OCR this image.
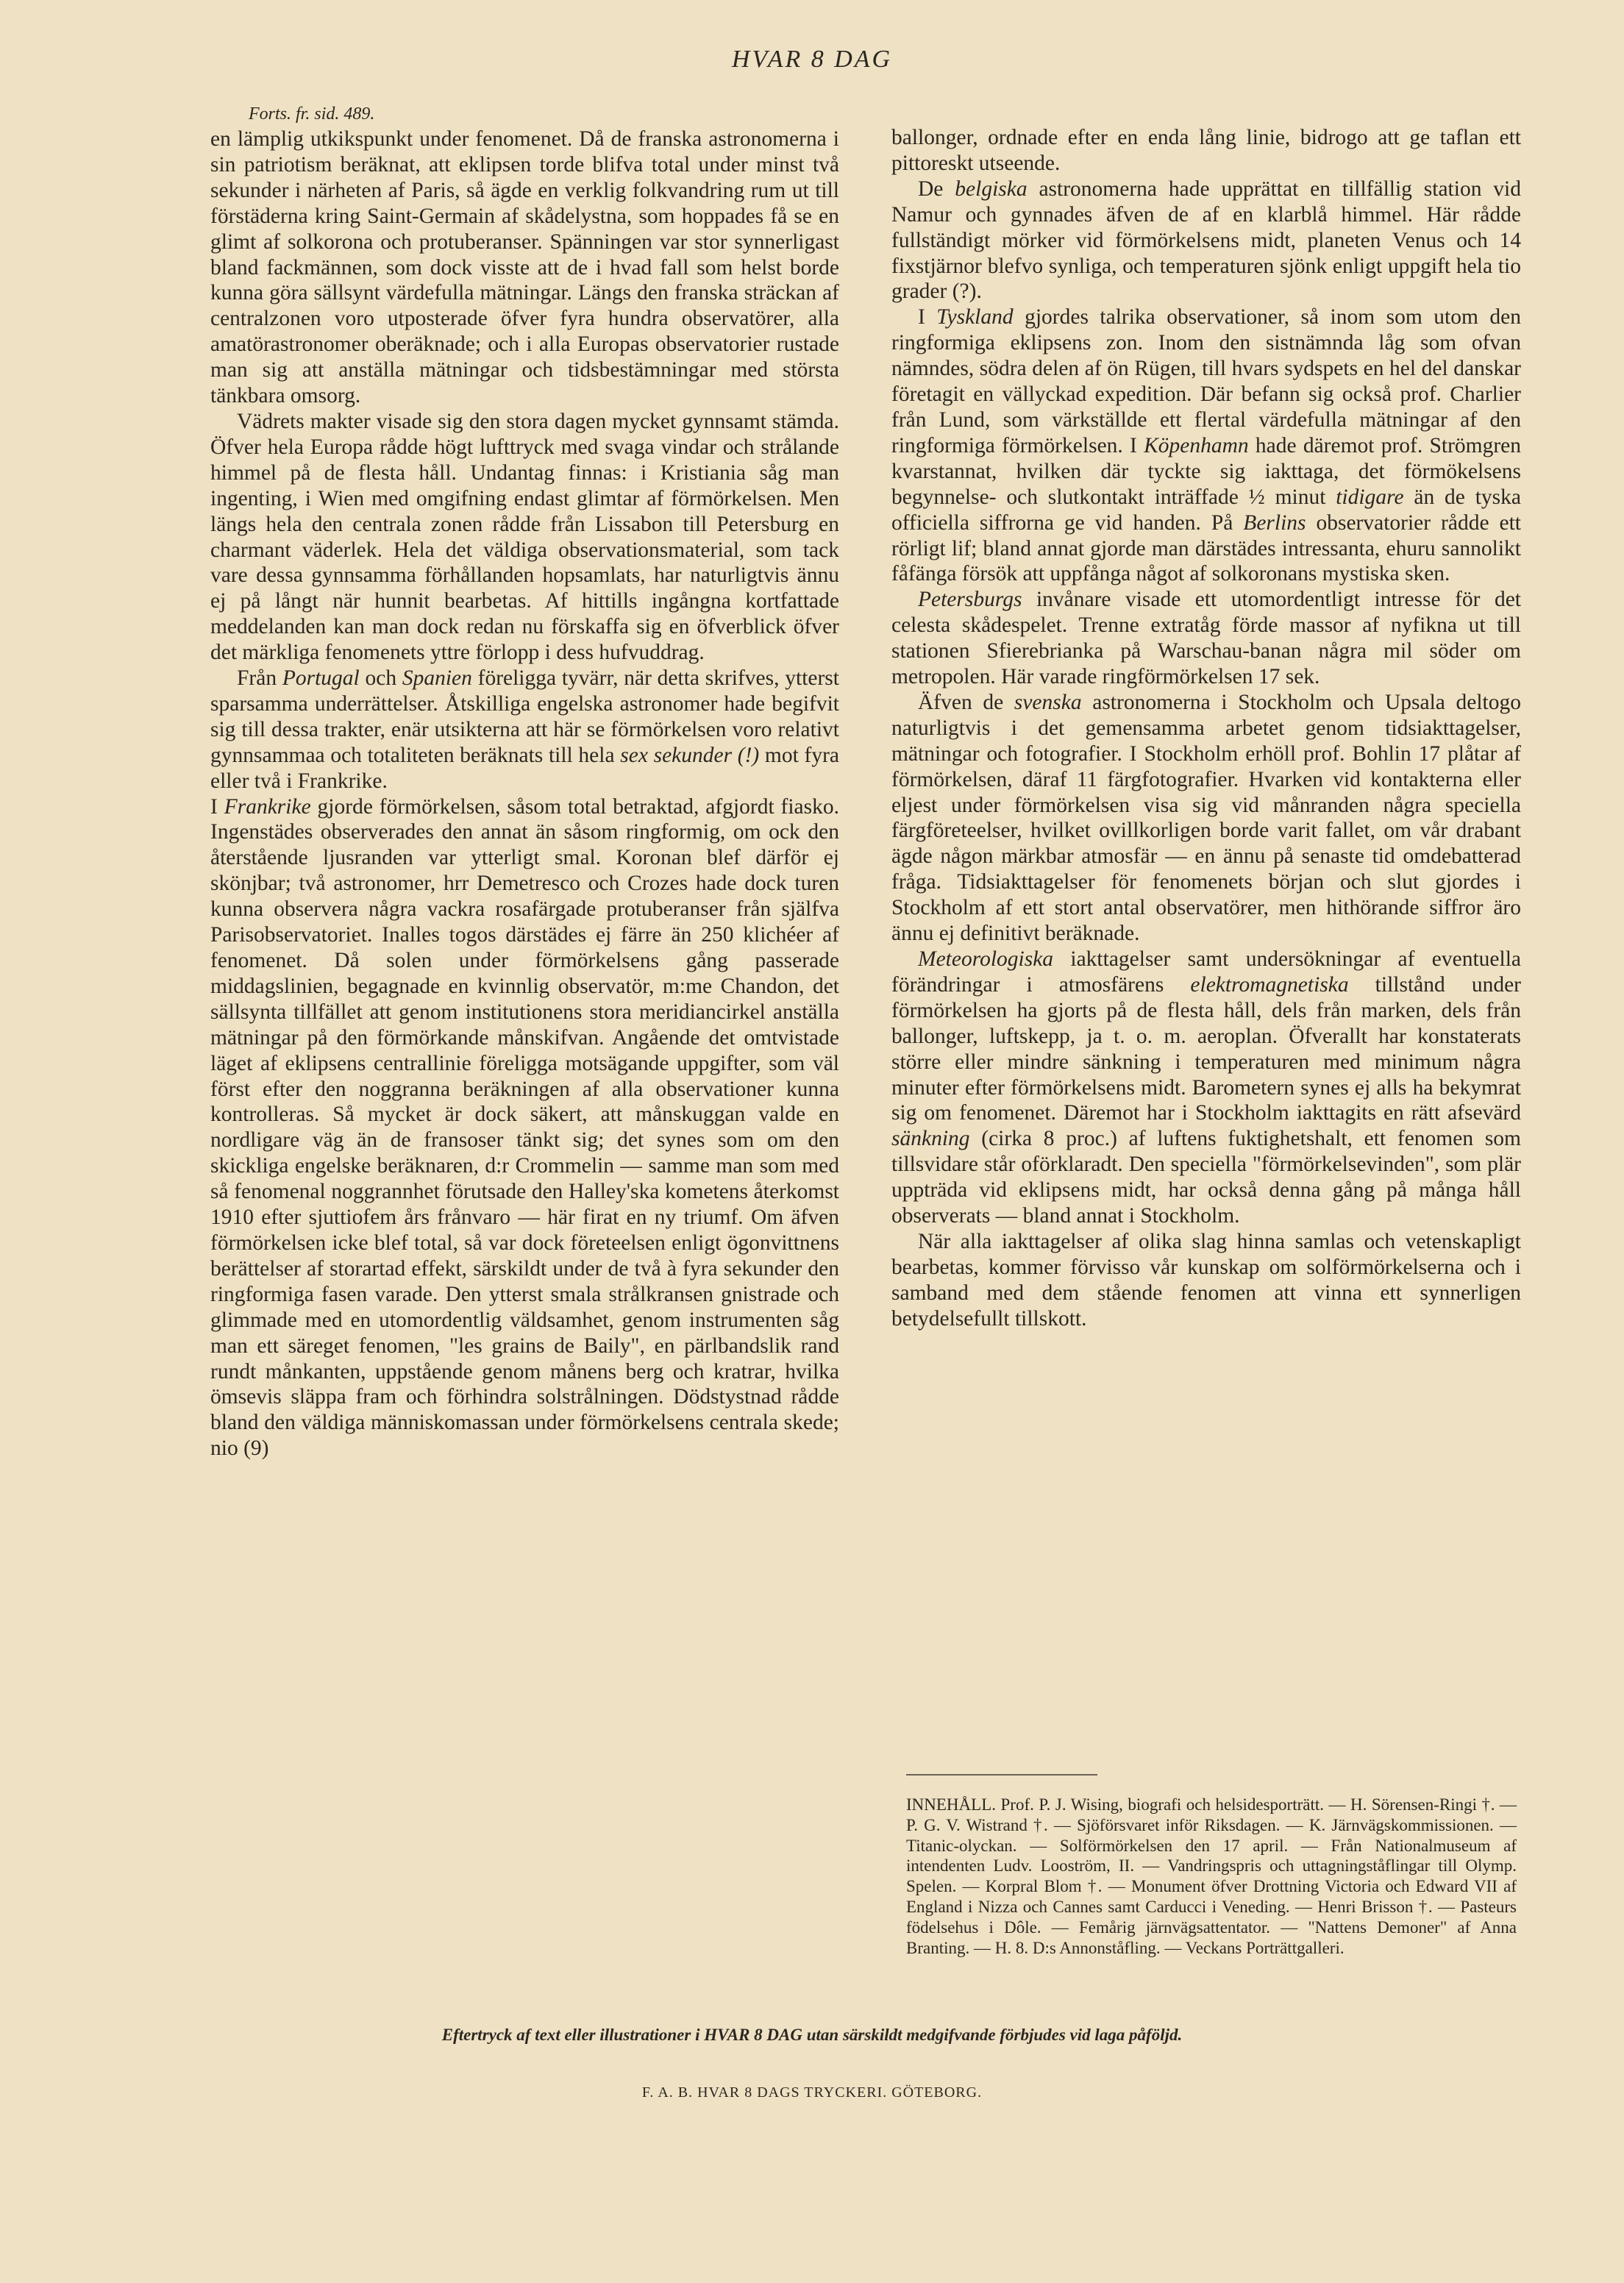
HVAR 8 DAG
Forts. fr. sid. 489.

en lämplig utkikspunkt under fenomenet. Då de franska astronomerna i sin patriotism beräknat, att eklipsen torde blifva total under minst två sekunder i närheten af Paris, så ägde en verklig folkvandring rum ut till förstäderna kring Saint-Germain af skådelystna, som hoppades få se en glimt af solkorona och protuberanser. Spänningen var stor synnerligast bland fackmännen, som dock visste att de i hvad fall som helst borde kunna göra sällsynt värdefulla mätningar. Längs den franska sträckan af centralzonen voro utposterade öfver fyra hundra observatörer, alla amatörastronomer oberäknade; och i alla Europas observatorier rustade man sig att anställa mätningar och tidsbestämningar med största tänkbara omsorg.

Vädrets makter visade sig den stora dagen mycket gynnsamt stämda. Öfver hela Europa rådde högt lufttryck med svaga vindar och strålande himmel på de flesta håll. Undantag finnas: i Kristiania såg man ingenting, i Wien med omgifning endast glimtar af förmörkelsen. Men längs hela den centrala zonen rådde från Lissabon till Petersburg en charmant väderlek. Hela det väldiga observationsmaterial, som tack vare dessa gynnsamma förhållanden hopsamlats, har naturligtvis ännu ej på långt när hunnit bearbetas. Af hittills ingångna kortfattade meddelanden kan man dock redan nu förskaffa sig en öfverblick öfver det märkliga fenomenets yttre förlopp i dess hufvuddrag.

Från Portugal och Spanien föreligga tyvärr, när detta skrifves, ytterst sparsamma underrättelser. Åtskilliga engelska astronomer hade begifvit sig till dessa trakter, enär utsikterna att här se förmörkelsen voro relativt gynnsammaa och totaliteten beräknats till hela sex sekunder (!) mot fyra eller två i Frankrike.

I Frankrike gjorde förmörkelsen, såsom total betraktad, afgjordt fiasko. Ingenstädes observerades den annat än såsom ringformig, om ock den återstående ljusranden var ytterligt smal. Koronan blef därför ej skönjbar; två astronomer, hrr Demetresco och Crozes hade dock turen kunna observera några vackra rosafärgade protuberanser från själfva Parisobservatoriet. Inalles togos därstädes ej färre än 250 klichéer af fenomenet. Då solen under förmörkelsens gång passerade middagslinien, begagnade en kvinnlig observatör, m:me Chandon, det sällsynta tillfället att genom institutionens stora meridiancirkel anställa mätningar på den förmörkande månskifvan. Angående det omtvistade läget af eklipsens centrallinie föreligga motsägande uppgifter, som väl först efter den noggranna beräkningen af alla observationer kunna kontrolleras. Så mycket är dock säkert, att månskuggan valde en nordligare väg än de fransoser tänkt sig; det synes som om den skickliga engelske beräknaren, d:r Crommelin — samme man som med så fenomenal noggrannhet förutsade den Halley'ska kometens återkomst 1910 efter sjuttiofem års frånvaro — här firat en ny triumf. Om äfven förmörkelsen icke blef total, så var dock företeelsen enligt ögonvittnens berättelser af storartad effekt, särskildt under de två à fyra sekunder den ringformiga fasen varade. Den ytterst smala strålkransen gnistrade och glimmade med en utomordentlig väldsamhet, genom instrumenten såg man ett säreget fenomen, "les grains de Baily", en pärlbandslik rand rundt månkanten, uppstående genom månens berg och kratrar, hvilka ömsevis släppa fram och förhindra solstrålningen. Dödstystnad rådde bland den väldiga människomassan under förmörkelsens centrala skede; nio (9)

ballonger, ordnade efter en enda lång linie, bidrogo att ge taflan ett pittoreskt utseende.

De belgiska astronomerna hade upprättat en tillfällig station vid Namur och gynnades äfven de af en klarblå himmel. Här rådde fullständigt mörker vid förmörkelsens midt, planeten Venus och 14 fixstjärnor blefvo synliga, och temperaturen sjönk enligt uppgift hela tio grader (?).

I Tyskland gjordes talrika observationer, så inom som utom den ringformiga eklipsens zon. Inom den sistnämnda låg som ofvan nämndes, södra delen af ön Rügen, till hvars sydspets en hel del danskar företagit en vällyckad expedition. Där befann sig också prof. Charlier från Lund, som värkställde ett flertal värdefulla mätningar af den ringformiga förmörkelsen. I Köpenhamn hade däremot prof. Strömgren kvarstannat, hvilken där tyckte sig iakttaga, det förmökelsens begynnelse- och slutkontakt inträffade ½ minut tidigare än de tyska officiella siffrorna ge vid handen. På Berlins observatorier rådde ett rörligt lif; bland annat gjorde man därstädes intressanta, ehuru sannolikt fåfänga försök att uppfånga något af solkoronans mystiska sken.

Petersburgs invånare visade ett utomordentligt intresse för det celesta skådespelet. Trenne extratåg förde massor af nyfikna ut till stationen Sfierebrianka på Warschau-banan några mil söder om metropolen. Här varade ringförmörkelsen 17 sek.

Äfven de svenska astronomerna i Stockholm och Upsala deltogo naturligtvis i det gemensamma arbetet genom tidsiakttagelser, mätningar och fotografier. I Stockholm erhöll prof. Bohlin 17 plåtar af förmörkelsen, däraf 11 färgfotografier. Hvarken vid kontakterna eller eljest under förmörkelsen visa sig vid månranden några speciella färgföreteelser, hvilket ovillkorligen borde varit fallet, om vår drabant ägde någon märkbar atmosfär — en ännu på senaste tid omdebatterad fråga. Tidsiakttagelser för fenomenets början och slut gjordes i Stockholm af ett stort antal observatörer, men hithörande siffror äro ännu ej definitivt beräknade.

Meteorologiska iakttagelser samt undersökningar af eventuella förändringar i atmosfärens elektromagnetiska tillstånd under förmörkelsen ha gjorts på de flesta håll, dels från marken, dels från ballonger, luftskepp, ja t. o. m. aeroplan. Öfverallt har konstaterats större eller mindre sänkning i temperaturen med minimum några minuter efter förmörkelsens midt. Barometern synes ej alls ha bekymrat sig om fenomenet. Däremot har i Stockholm iakttagits en rätt afsevärd sänkning (cirka 8 proc.) af luftens fuktighetshalt, ett fenomen som tillsvidare står oförklaradt. Den speciella "förmörkelsevinden", som plär uppträda vid eklipsens midt, har också denna gång på många håll observerats — bland annat i Stockholm.

När alla iakttagelser af olika slag hinna samlas och vetenskapligt bearbetas, kommer förvisso vår kunskap om solförmörkelserna och i samband med dem stående fenomen att vinna ett synnerligen betydelsefullt tillskott.

INNEHÅLL. Prof. P. J. Wising, biografi och helsidesporträtt. — H. Sörensen-Ringi †. — P. G. V. Wistrand †. — Sjöförsvaret inför Riksdagen. — K. Järnvägskommissionen. — Titanic-olyckan. — Solförmörkelsen den 17 april. — Från Nationalmuseum af intendenten Ludv. Looström, II. — Vandringspris och uttagningståflingar till Olymp. Spelen. — Korpral Blom †. — Monument öfver Drottning Victoria och Edward VII af England i Nizza och Cannes samt Carducci i Veneding. — Henri Brisson †. — Pasteurs födelsehus i Dôle. — Femårig järnvägsattentator. — "Nattens Demoner" af Anna Branting. — H. 8. D:s Annonståfling. — Veckans Porträttgalleri.
Eftertryck af text eller illustrationer i HVAR 8 DAG utan särskildt medgifvande förbjudes vid laga påföljd.
F. A. B. HVAR 8 DAGS TRYCKERI. GÖTEBORG.
